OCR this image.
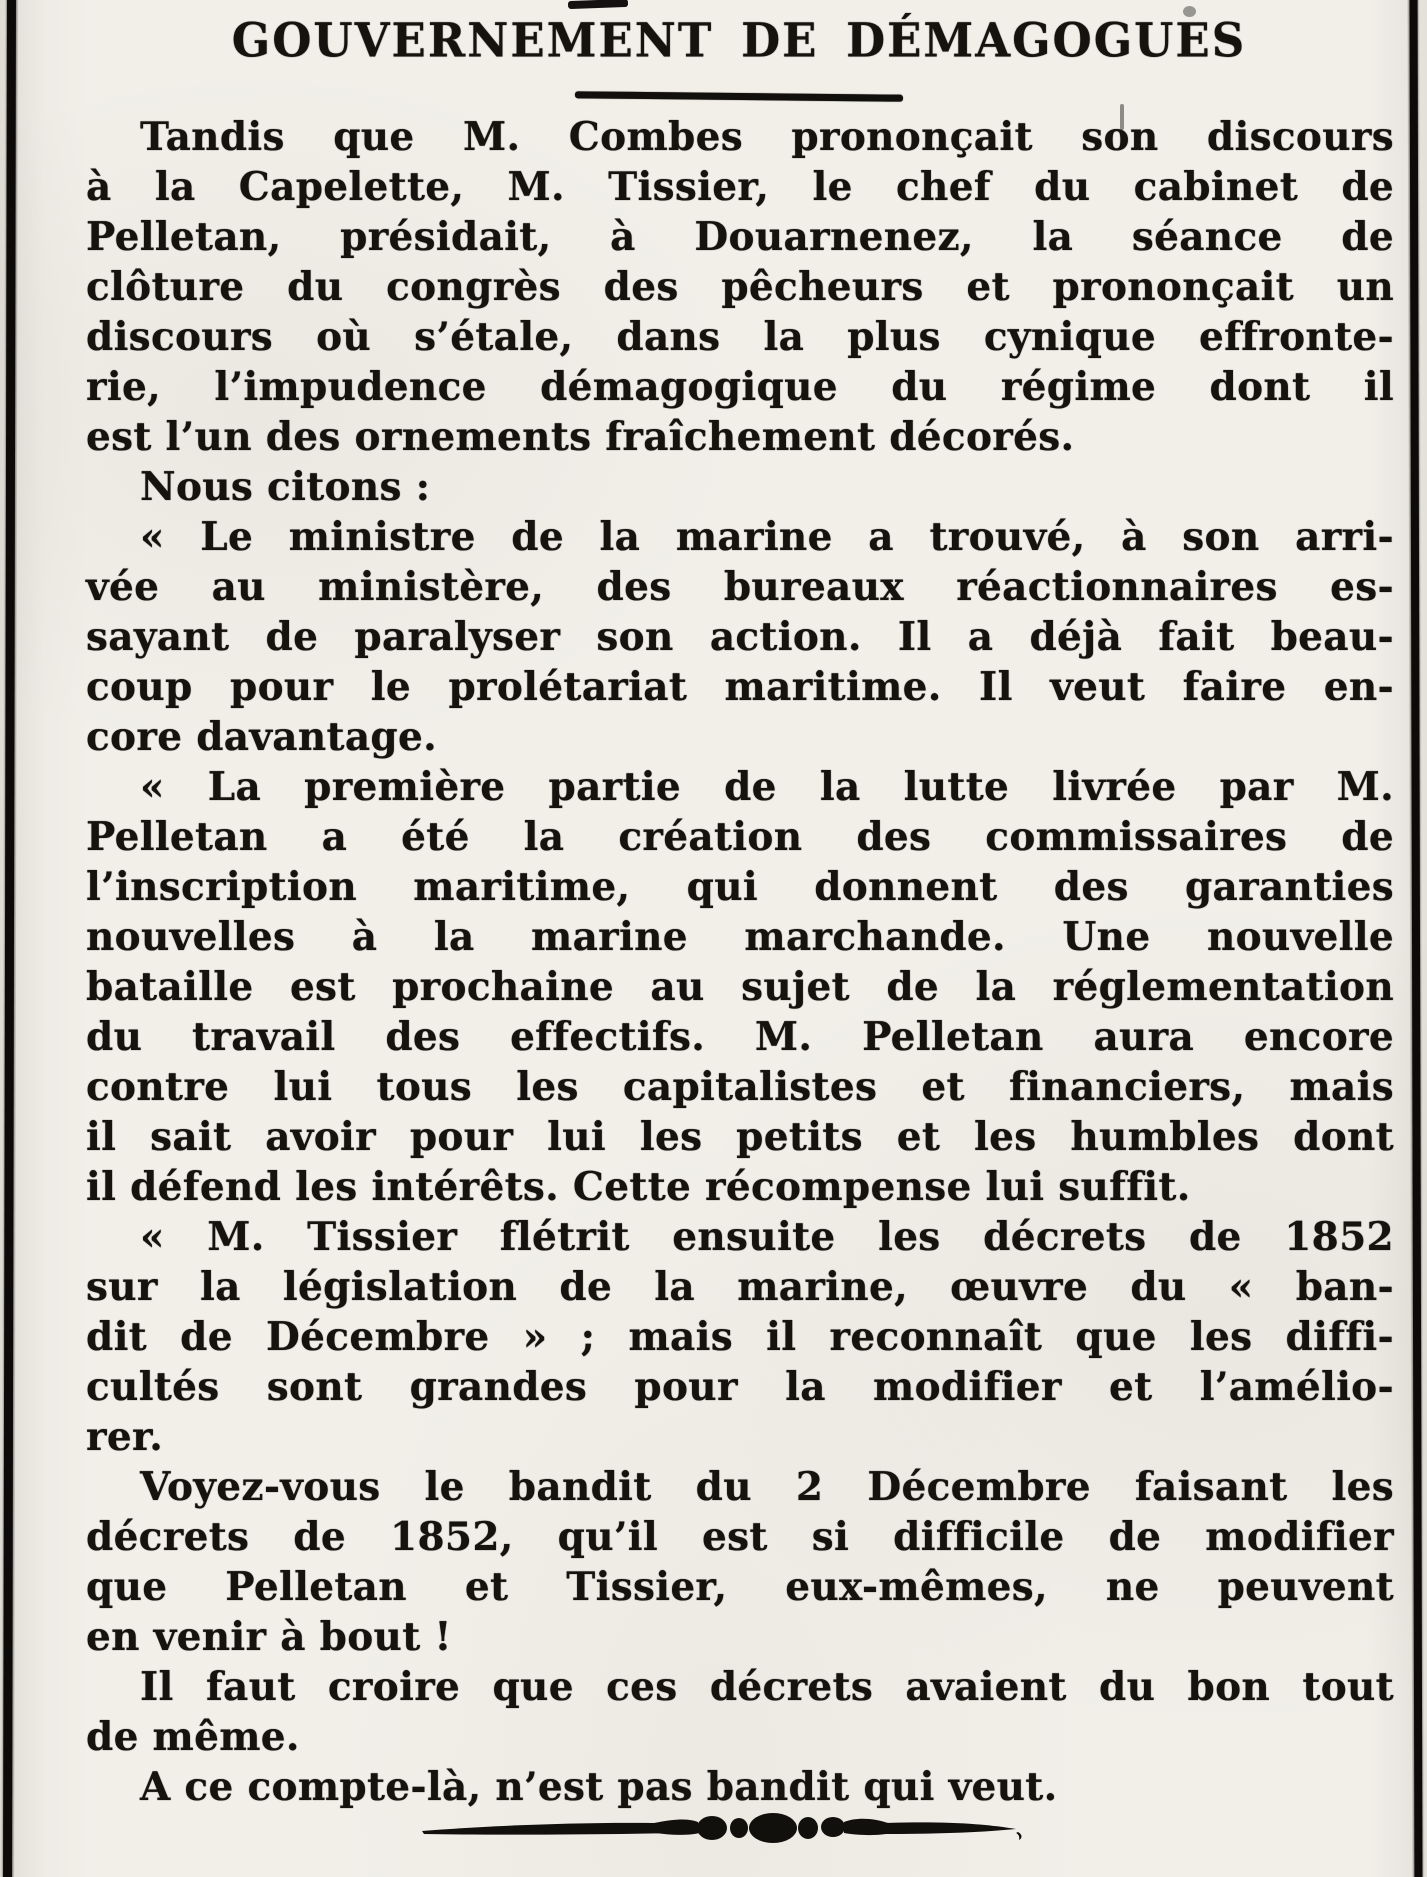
GOUVERNEMENT DE DÉMAGOGUES
Tandis que M. Combes prononçait son discours
à la Capelette, M. Tissier, le chef du cabinet de
Pelletan, présidait, à Douarnenez, la séance de
clôture du congrès des pêcheurs et prononçait un
discours où s’étale, dans la plus cynique effronte-
rie, l’impudence démagogique du régime dont il
est l’un des ornements fraîchement décorés.
Nous citons :
« Le ministre de la marine a trouvé, à son arri-
vée au ministère, des bureaux réactionnaires es-
sayant de paralyser son action. Il a déjà fait beau-
coup pour le prolétariat maritime. Il veut faire en-
core davantage.
« La première partie de la lutte livrée par M.
Pelletan a été la création des commissaires de
l’inscription maritime, qui donnent des garanties
nouvelles à la marine marchande. Une nouvelle
bataille est prochaine au sujet de la réglementation
du travail des effectifs. M. Pelletan aura encore
contre lui tous les capitalistes et financiers, mais
il sait avoir pour lui les petits et les humbles dont
il défend les intérêts. Cette récompense lui suffit.
« M. Tissier flétrit ensuite les décrets de 1852
sur la législation de la marine, œuvre du « ban-
dit de Décembre » ; mais il reconnaît que les diffi-
cultés sont grandes pour la modifier et l’amélio-
rer.
Voyez-vous le bandit du 2 Décembre faisant les
décrets de 1852, qu’il est si difficile de modifier
que Pelletan et Tissier, eux-mêmes, ne peuvent
en venir à bout !
Il faut croire que ces décrets avaient du bon tout
de même.
A ce compte-là, n’est pas bandit qui veut.
